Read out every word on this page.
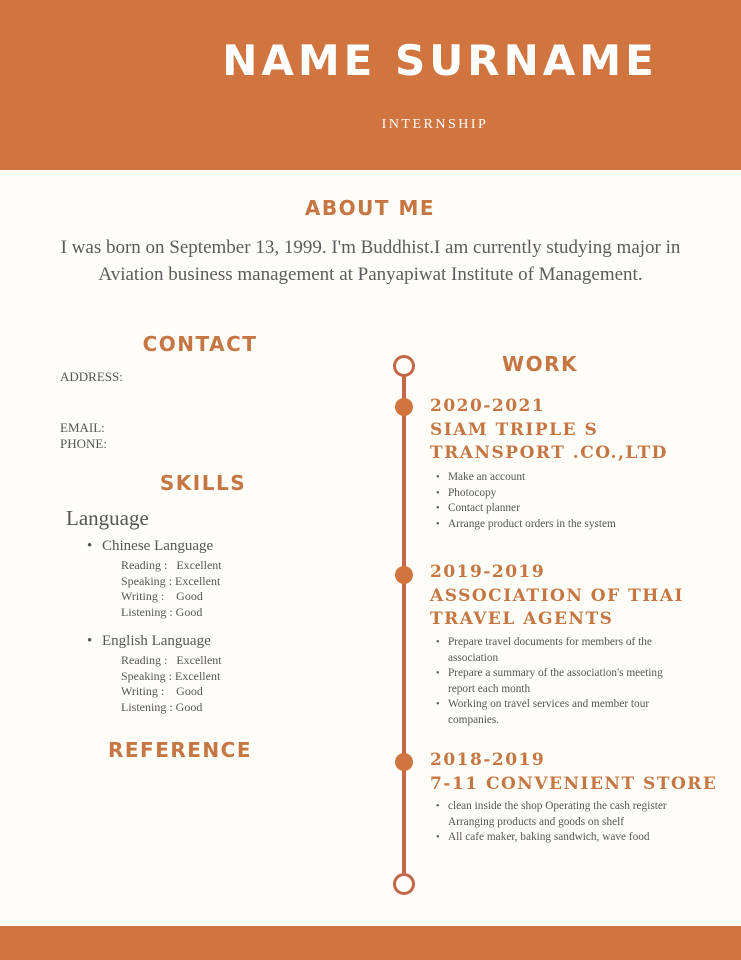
NAME SURNAME
INTERNSHIP
ABOUT ME
I was born on September 13, 1999. I'm Buddhist.I am currently studying major in Aviation business management at Panyapiwat Institute of Management.
CONTACT
ADDRESS:
EMAIL:
PHONE:
SKILLS
Language
• Chinese Language
Reading :   Excellent
Speaking : Excellent
Writing :    Good
Listening : Good
• English Language
Reading :   Excellent
Speaking : Excellent
Writing :    Good
Listening : Good
REFERENCE
WORK
2020-2021
SIAM TRIPLE S
TRANSPORT .CO.,LTD
• Make an account
• Photocopy
• Contact planner
• Arrange product orders in the system
2019-2019
ASSOCIATION OF THAI
TRAVEL AGENTS
• Prepare travel documents for members of the association
• Prepare a summary of the association's meeting report each month
• Working on travel services and member tour companies.
2018-2019
7-11 CONVENIENT STORE
• clean inside the shop Operating the cash register Arranging products and goods on shelf
• All cafe maker, baking sandwich, wave food
